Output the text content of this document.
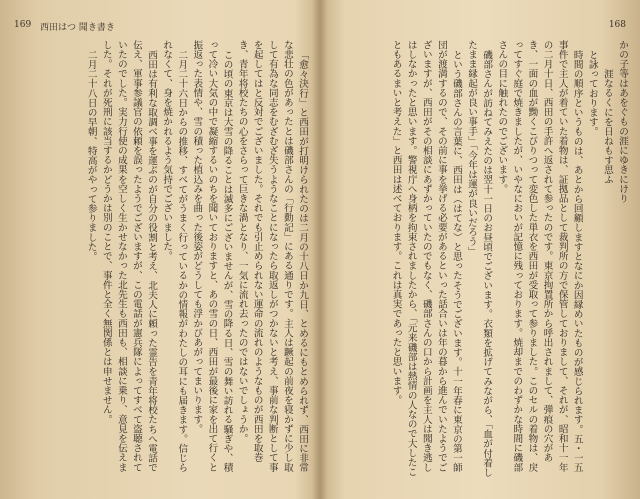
169 西田はつ 聞き書き

「愈々決行」と西田が打明けられたのは二月の十八日か九日、とめるにもとめられず、西田に非常な悲壮の色があったとは磯部さんの「行動記」にある通りです。主人は蹶起の前夜を寝かずに少し取して有為な同志をむざむざ失うようなことになったら取返しがつかないと考え、事前な判断として事を起してはと反対でございました。それでも引止められない運命の流れのようなものが西田を取巻き、青年将校たちの心をさらって巨きな渦となり、一気に流れ去ったのではないでしょうか。

この頃の東京は大雪の降ることは滅多にございませんが、雪の降る日、雪の舞い訪れる騒ぎや、積って冷い大気の中で凝縮するいのちを聞いておりますと、あの雪の日、西田が最後に家を出て行くと振返った表情や、雪の積った植込みを曲った後姿がどうしても浮かびあがってまいります。

二月二十六日からの推移、すべてがうまく行っているかの情報がわたしの耳にも届きます。信じられなくて、身を焼かれるよう気持でございました。

西田は有利な取調べ事を運ぶのが自分の役割と考え、北夫人に頼った霊告を青年将校たちへ電話で伝え、軍事参議官の依頼を誤ったようでございますが、この電話が憲兵隊によってすべて盗聴されていたのでした。実力行使の成果を空しく生かせなかった北先生も西田も、相談に乗り、意見を伝えました。それが死刑に該当するかどうかは別のことで、事件と全く無関係とは申せません。

二月二十八日の早朝、特高がやって参りました。

168

かの子等はあをぐもの涯にゆきにけり

涯なるくにを日ねもす思ふ

と詠っております。

時間の順序というものは、あとから回顧しますとなにか因縁めいたものが感じられます。五・一五事件で主人が着ていた着物は、証拠品として裁判所の方で保管しておりまして、それが、昭和十一年の二月十日、西田の手許へ返されて参ったのです。東京拘置所から呼出されまして、弾痕の穴があき、一面の血が黝くこびりつって変色した単衣を西田が受取って参りました。このセルの着物は、戻ってすぐ庭で焼きましたが、いやなにおいが記憶に残っております。焼却までのわずかな時間に磯部さんの目に触れたのでございます。

磯部さんが訪ねてみえたのは翌十一日のお昼頃でございます。衣類を拡げてみながら、「血が付着したまま縁起が良い事手」「今年は運が良いだろう」

という磯部さんの言葉に、西田は（はてな）と思ったそうでございます。十一年春に東京の第一師団が渡満するので、その前に事を挙げる必要があるといった話合いは年の暮から進んでいたようでございますが、西田がその相談にあずかっていたのでもなく、磯部さんの口から計画を主人は聞き逃しはしなかったと思います。警視庁へ身柄を拘束されましたから、「元来磯部は熱情の人なので大したこともあるまいと考えた」と西田は述べております。これは真実であったと思います。
